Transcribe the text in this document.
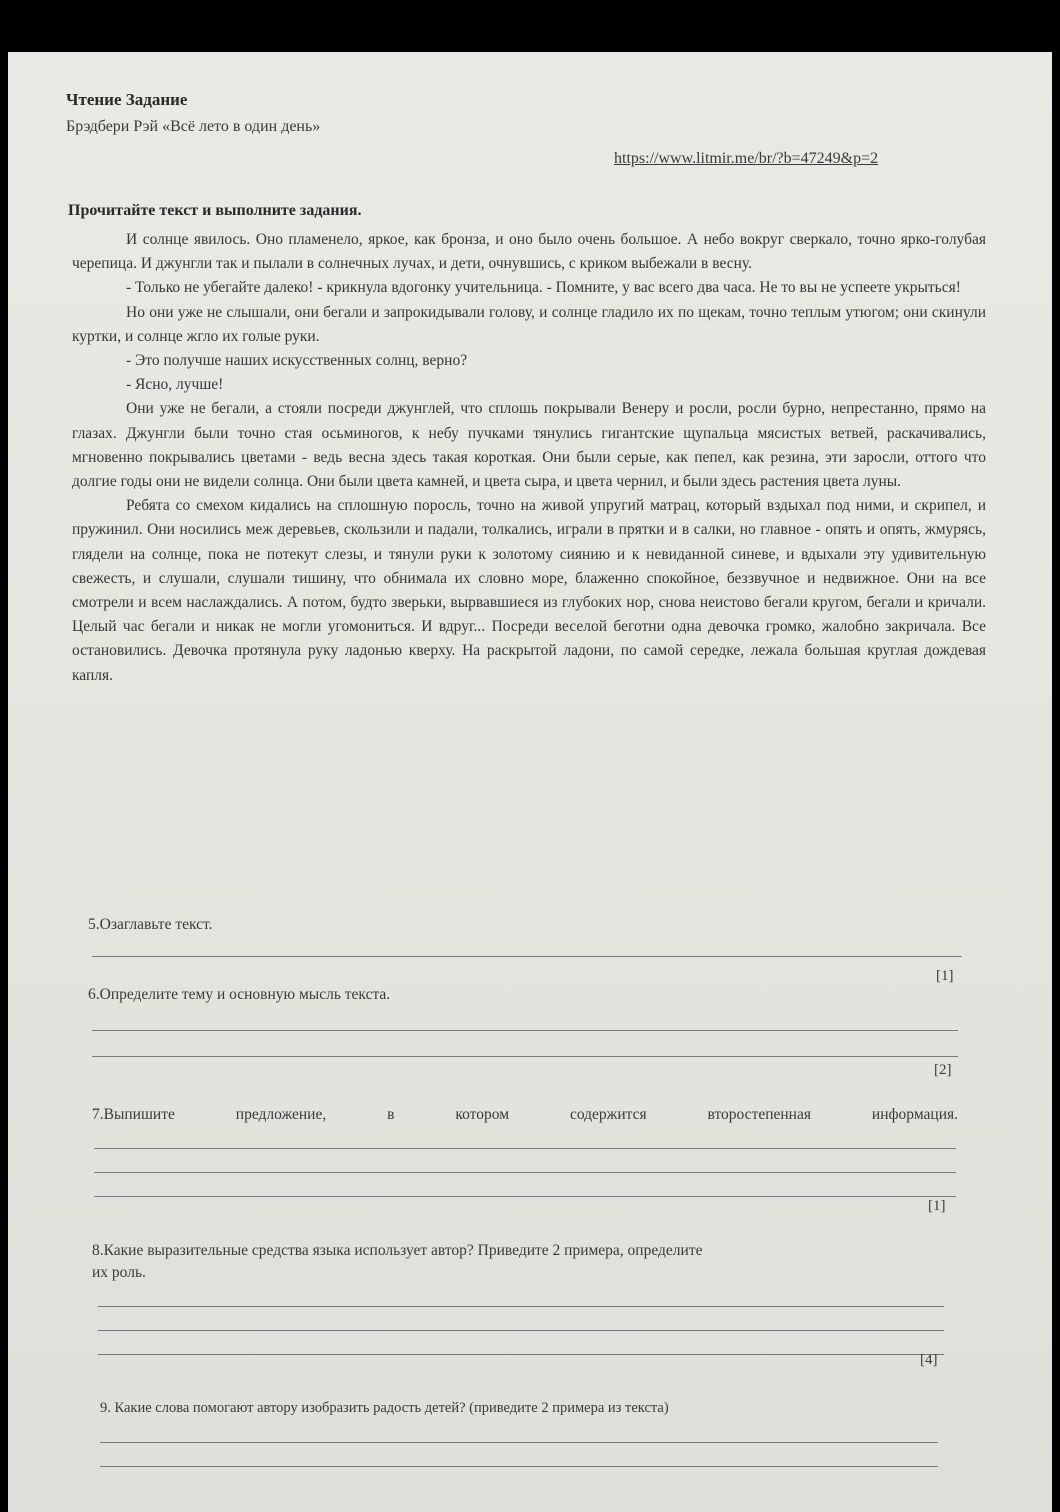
Чтение Задание
Брэдбери Рэй «Всё лето в один день»
https://www.litmir.me/br/?b=47249&p=2
Прочитайте текст и выполните задания.

И солнце явилось. Оно пламенело, яркое, как бронза, и оно было очень большое. А небо вокруг сверкало, точно ярко-голубая черепица. И джунгли так и пылали в солнечных лучах, и дети, очнувшись, с криком выбежали в весну.

- Только не убегайте далеко! - крикнула вдогонку учительница. - Помните, у вас всего два часа. Не то вы не успеете укрыться!

Но они уже не слышали, они бегали и запрокидывали голову, и солнце гладило их по щекам, точно теплым утюгом; они скинули куртки, и солнце жгло их голые руки.

- Это получше наших искусственных солнц, верно?

- Ясно, лучше!

Они уже не бегали, а стояли посреди джунглей, что сплошь покрывали Венеру и росли, росли бурно, непрестанно, прямо на глазах. Джунгли были точно стая осьминогов, к небу пучками тянулись гигантские щупальца мясистых ветвей, раскачивались, мгновенно покрывались цветами - ведь весна здесь такая короткая. Они были серые, как пепел, как резина, эти заросли, оттого что долгие годы они не видели солнца. Они были цвета камней, и цвета сыра, и цвета чернил, и были здесь растения цвета луны.

Ребята со смехом кидались на сплошную поросль, точно на живой упругий матрац, который вздыхал под ними, и скрипел, и пружинил. Они носились меж деревьев, скользили и падали, толкались, играли в прятки и в салки, но главное - опять и опять, жмурясь, глядели на солнце, пока не потекут слезы, и тянули руки к золотому сиянию и к невиданной синеве, и вдыхали эту удивительную свежесть, и слушали, слушали тишину, что обнимала их словно море, блаженно спокойное, беззвучное и недвижное. Они на все смотрели и всем наслаждались. А потом, будто зверьки, вырвавшиеся из глубоких нор, снова неистово бегали кругом, бегали и кричали. Целый час бегали и никак не могли угомониться. И вдруг... Посреди веселой беготни одна девочка громко, жалобно закричала. Все остановились. Девочка протянула руку ладонью кверху. На раскрытой ладони, по самой середке, лежала большая круглая дождевая капля.

5.Озаглавьте текст.
[1]
6.Определите тему и основную мысль текста.
[2]
7.Выпишите	предложение,	в	котором	содержится	второстепенная	информация.
[1]
8.Какие выразительные средства языка использует автор? Приведите 2 примера, определите
их роль.
[4]
9. Какие слова помогают автору изобразить радость детей? (приведите 2 примера из текста)
